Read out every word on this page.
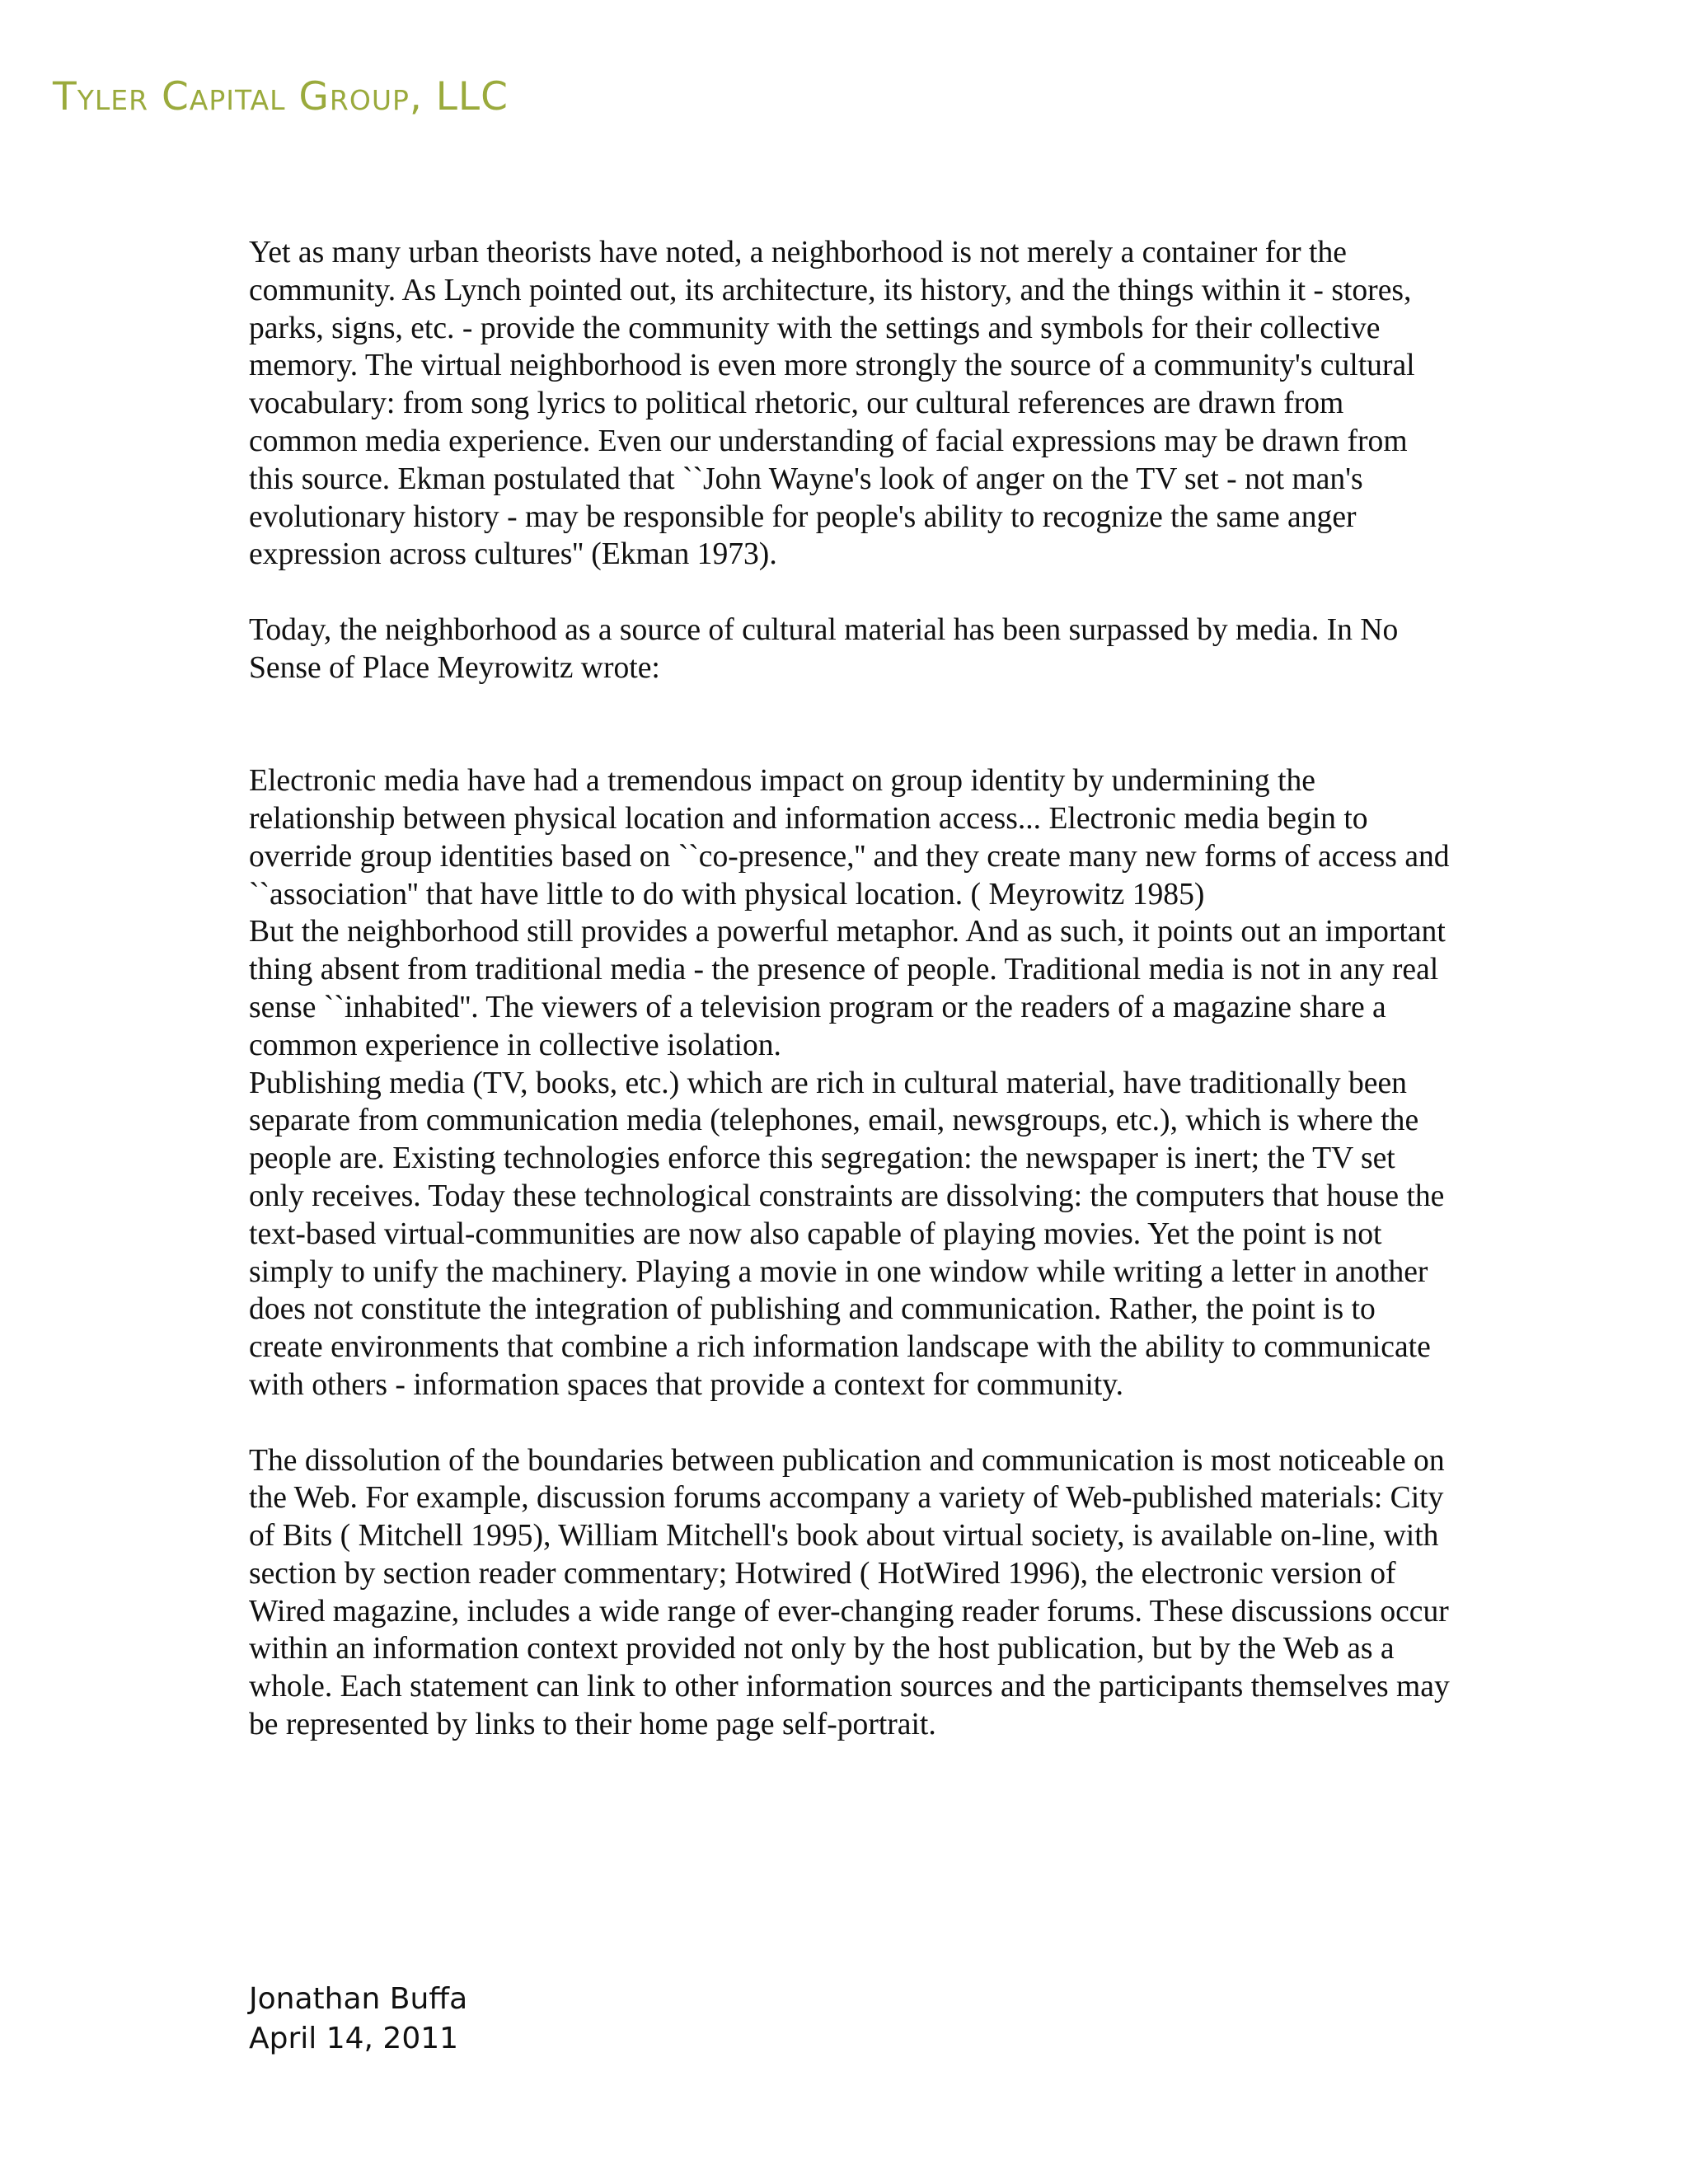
Tyler Capital Group, LLC

Yet as many urban theorists have noted, a neighborhood is not merely a container for the community. As Lynch pointed out, its architecture, its history, and the things within it - stores, parks, signs, etc. - provide the community with the settings and symbols for their collective memory. The virtual neighborhood is even more strongly the source of a community's cultural vocabulary: from song lyrics to political rhetoric, our cultural references are drawn from common media experience. Even our understanding of facial expressions may be drawn from this source. Ekman postulated that ``John Wayne's look of anger on the TV set - not man's evolutionary history - may be responsible for people's ability to recognize the same anger expression across cultures'' (Ekman 1973).

Today, the neighborhood as a source of cultural material has been surpassed by media. In No Sense of Place Meyrowitz wrote:

Electronic media have had a tremendous impact on group identity by undermining the relationship between physical location and information access... Electronic media begin to override group identities based on ``co-presence,'' and they create many new forms of access and ``association'' that have little to do with physical location. ( Meyrowitz 1985)

But the neighborhood still provides a powerful metaphor. And as such, it points out an important thing absent from traditional media - the presence of people. Traditional media is not in any real sense ``inhabited''. The viewers of a television program or the readers of a magazine share a common experience in collective isolation.

Publishing media (TV, books, etc.) which are rich in cultural material, have traditionally been separate from communication media (telephones, email, newsgroups, etc.), which is where the people are. Existing technologies enforce this segregation: the newspaper is inert; the TV set only receives. Today these technological constraints are dissolving: the computers that house the text-based virtual-communities are now also capable of playing movies. Yet the point is not simply to unify the machinery. Playing a movie in one window while writing a letter in another does not constitute the integration of publishing and communication. Rather, the point is to create environments that combine a rich information landscape with the ability to communicate with others - information spaces that provide a context for community.

The dissolution of the boundaries between publication and communication is most noticeable on the Web. For example, discussion forums accompany a variety of Web-published materials: City of Bits ( Mitchell 1995), William Mitchell's book about virtual society, is available on-line, with section by section reader commentary; Hotwired ( HotWired 1996), the electronic version of Wired magazine, includes a wide range of ever-changing reader forums. These discussions occur within an information context provided not only by the host publication, but by the Web as a whole. Each statement can link to other information sources and the participants themselves may be represented by links to their home page self-portrait.

Jonathan Buffa
April 14, 2011
